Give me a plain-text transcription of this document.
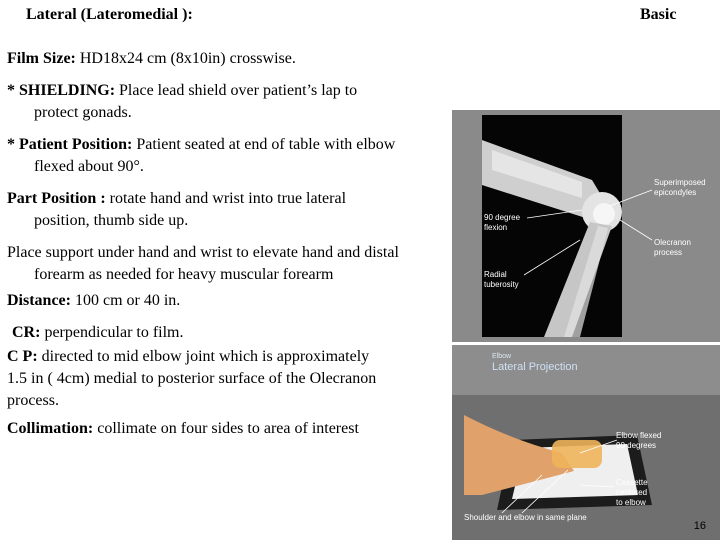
Lateral (Lateromedial ):	Basic
Film Size: HD18x24 cm (8x10in) crosswise.
* SHIELDING: Place lead shield over patient’s lap to
protect gonads.
* Patient Position: Patient seated at end of table with elbow
flexed about 90°.
Part Position : rotate hand and wrist into true lateral
position, thumb side up.
Place support under hand and wrist to elevate hand and distal
forearm as needed for heavy muscular forearm
Distance: 100 cm or 40 in.
CR: perpendicular to film.
C P: directed to mid elbow joint which is approximately
1.5 in ( 4cm) medial to posterior surface of the Olecranon
process.
Collimation: collimate on four sides to area of interest
Superimposed
epicondyles
90 degree
flexion
Olecranon
process
Radial
tuberosity
Elbow
Lateral Projection
Elbow flexed
90 degrees
Cassette
centered
to elbow
Shoulder and elbow in same plane
16
